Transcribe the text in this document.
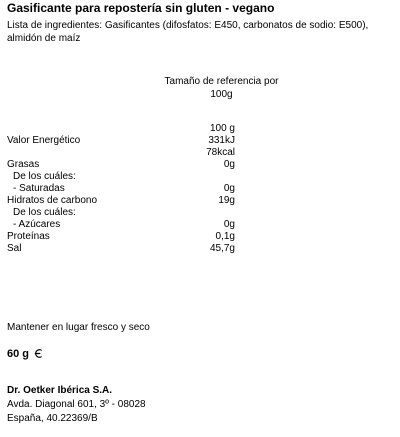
Gasificante para repostería sin gluten - vegano
Lista de ingredientes: Gasificantes (difosfatos: E450, carbonatos de sodio: E500), almidón de maíz
Tamaño de referencia por
100g
100 g
Valor Energético	331kJ
78kcal
Grasas	0g
De los cuáles:
- Saturadas	0g
Hidratos de carbono	19g
De los cuáles:
- Azúcares	0g
Proteínas	0,1g
Sal	45,7g
Mantener en lugar fresco y seco
60 g
Dr. Oetker Ibérica S.A.
Avda. Diagonal 601, 3º - 08028
España, 40.22369/B
